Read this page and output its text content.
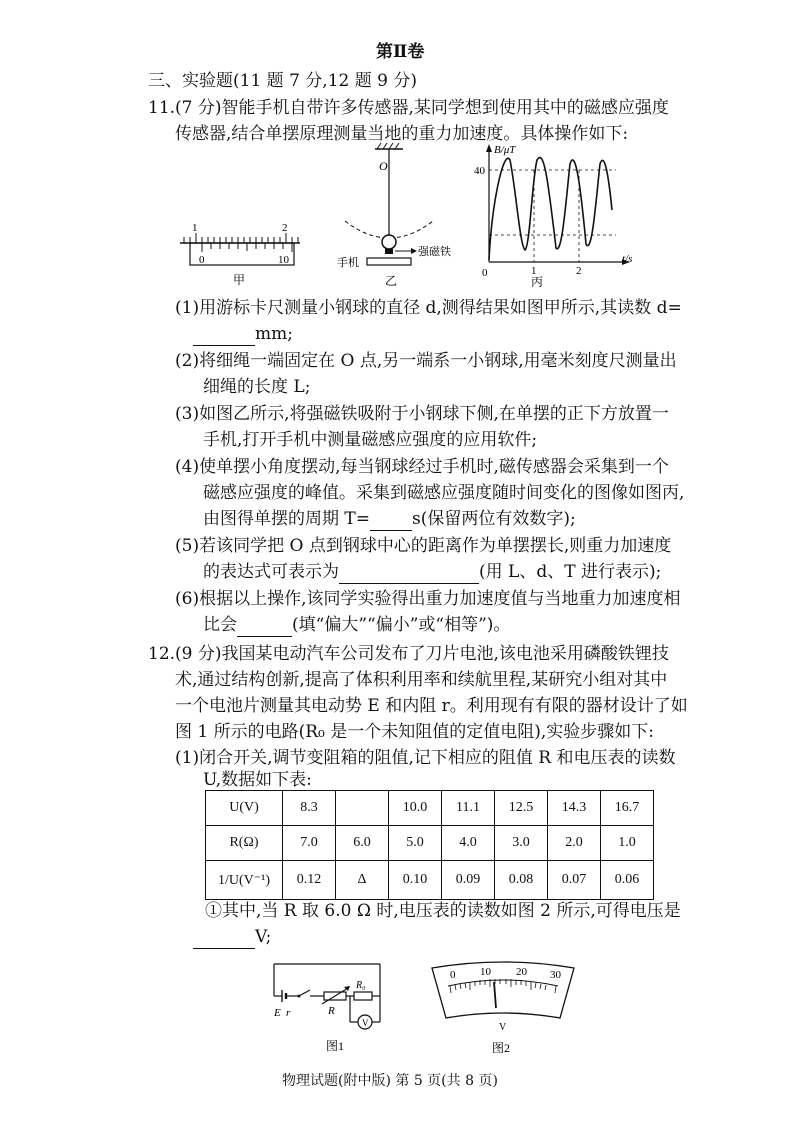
第Ⅱ卷
三、实验题(11 题 7 分,12 题 9 分)
11.(7 分)智能手机自带许多传感器,某同学想到使用其中的磁感应强度
传感器,结合单摆原理测量当地的重力加速度。具体操作如下:
1	2
0	10
甲
O
强磁铁
手机
乙
B/μT
40
0	1	2
t/s
丙
(1)用游标卡尺测量小钢球的直径 d,测得结果如图甲所示,其读数 d=
mm;
(2)将细绳一端固定在 O 点,另一端系一小钢球,用毫米刻度尺测量出
细绳的长度 L;
(3)如图乙所示,将强磁铁吸附于小钢球下侧,在单摆的正下方放置一
手机,打开手机中测量磁感应强度的应用软件;
(4)使单摆小角度摆动,每当钢球经过手机时,磁传感器会采集到一个
磁感应强度的峰值。采集到磁感应强度随时间变化的图像如图丙,
由图得单摆的周期 T= s(保留两位有效数字);
(5)若该同学把 O 点到钢球中心的距离作为单摆摆长,则重力加速度
的表达式可表示为	(用 L、d、T 进行表示);
(6)根据以上操作,该同学实验得出重力加速度值与当地重力加速度相
比会	(填“偏大”“偏小”或“相等”)。
12.(9 分)我国某电动汽车公司发布了刀片电池,该电池采用磷酸铁锂技
术,通过结构创新,提高了体积利用率和续航里程,某研究小组对其中
一个电池片测量其电动势 E 和内阻 r。利用现有有限的器材设计了如
图 1 所示的电路(R₀ 是一个未知阻值的定值电阻),实验步骤如下:
(1)闭合开关,调节变阻箱的阻值,记下相应的阻值 R 和电压表的读数
U,数据如下表:
U(V)	8.3		10.0	11.1	12.5	14.3	16.7
R(Ω)	7.0	6.0	5.0	4.0	3.0	2.0	1.0
1/U(V⁻¹)	0.12	Δ	0.10	0.09	0.08	0.07	0.06
①其中,当 R 取 6.0 Ω 时,电压表的读数如图 2 所示,可得电压是
V;
V
E r	R
R₀
图1
0 10 20 30
V
图2
物理试题(附中版) 第 5 页(共 8 页)
